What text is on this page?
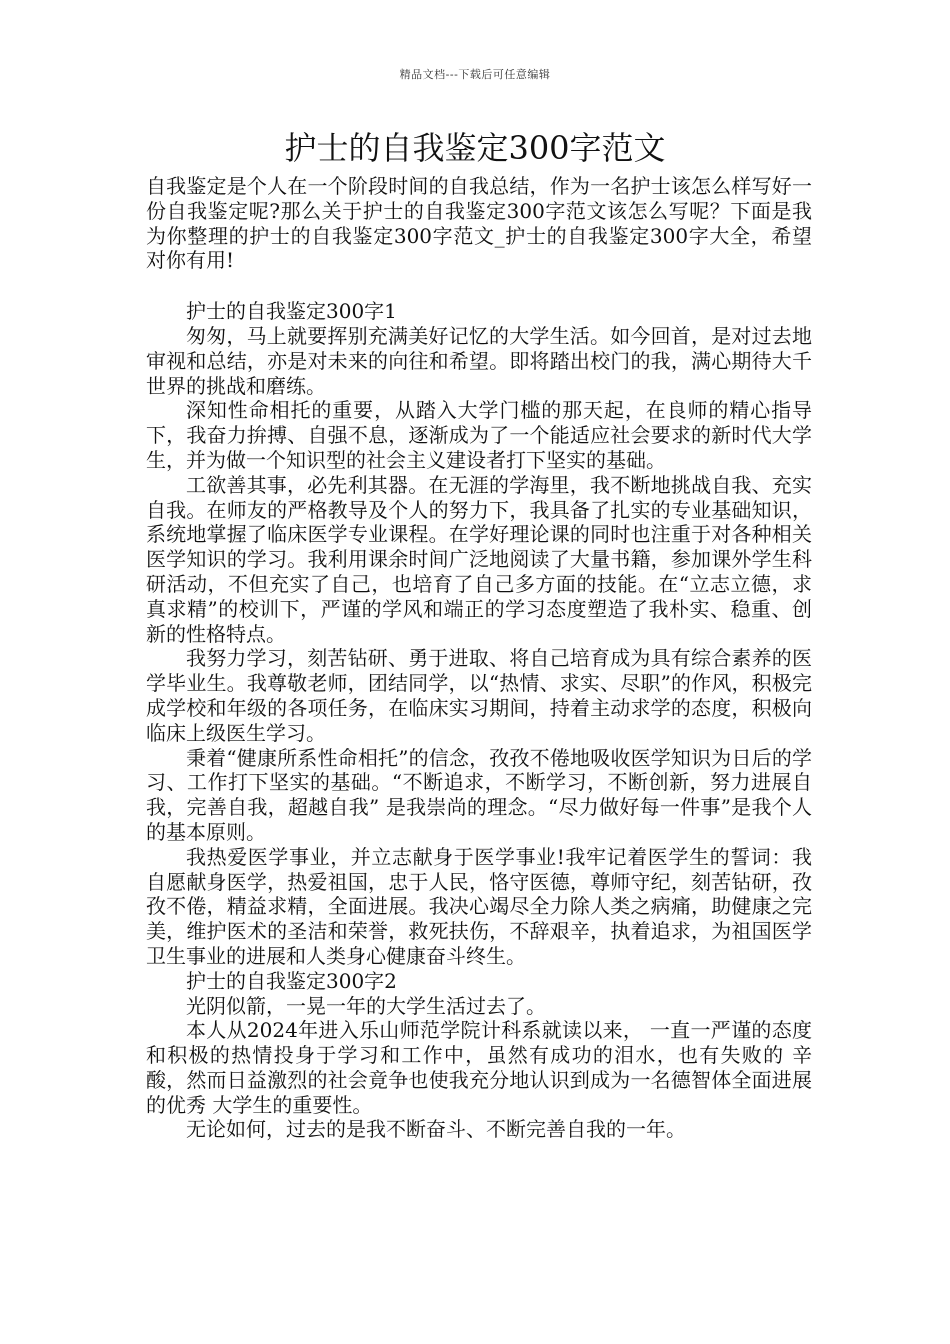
精品文档---下载后可任意编辑
护士的自我鉴定300字范文

自我鉴定是个人在一个阶段时间的自我总结，作为一名护士该怎么样写好一份自我鉴定呢?那么关于护士的自我鉴定300字范文该怎么写呢？下面是我为你整理的护士的自我鉴定300字范文_护士的自我鉴定300字大全，希望对你有用!

护士的自我鉴定300字1

匆匆，马上就要挥别充满美好记忆的大学生活。如今回首，是对过去地审视和总结，亦是对未来的向往和希望。即将踏出校门的我，满心期待大千世界的挑战和磨练。

深知性命相托的重要，从踏入大学门槛的那天起，在良师的精心指导下，我奋力拚搏、自强不息，逐渐成为了一个能适应社会要求的新时代大学生，并为做一个知识型的社会主义建设者打下坚实的基础。

工欲善其事，必先利其器。在无涯的学海里，我不断地挑战自我、充实自我。在师友的严格教导及个人的努力下，我具备了扎实的专业基础知识，系统地掌握了临床医学专业课程。在学好理论课的同时也注重于对各种相关医学知识的学习。我利用课余时间广泛地阅读了大量书籍，参加课外学生科研活动，不但充实了自己，也培育了自己多方面的技能。在“立志立德，求真求精”的校训下，严谨的学风和端正的学习态度塑造了我朴实、稳重、创新的性格特点。

我努力学习，刻苦钻研、勇于进取、将自己培育成为具有综合素养的医学毕业生。我尊敬老师，团结同学，以“热情、求实、尽职”的作风，积极完成学校和年级的各项任务，在临床实习期间，持着主动求学的态度，积极向临床上级医生学习。

秉着“健康所系性命相托”的信念，孜孜不倦地吸收医学知识为日后的学习、工作打下坚实的基础。“不断追求，不断学习，不断创新，努力进展自我，完善自我，超越自我” 是我崇尚的理念。“尽力做好每一件事”是我个人的基本原则。

我热爱医学事业，并立志献身于医学事业!我牢记着医学生的誓词：我自愿献身医学，热爱祖国，忠于人民，恪守医德，尊师守纪，刻苦钻研，孜孜不倦，精益求精，全面进展。我决心竭尽全力除人类之病痛，助健康之完美，维护医术的圣洁和荣誉，救死扶伤，不辞艰辛，执着追求，为祖国医学卫生事业的进展和人类身心健康奋斗终生。

护士的自我鉴定300字2

光阴似箭，一晃一年的大学生活过去了。

本人从2024年进入乐山师范学院计科系就读以来， 一直一严谨的态度和积极的热情投身于学习和工作中，虽然有成功的泪水，也有失败的 辛酸，然而日益激烈的社会竟争也使我充分地认识到成为一名德智体全面进展的优秀 大学生的重要性。

无论如何，过去的是我不断奋斗、不断完善自我的一年。
